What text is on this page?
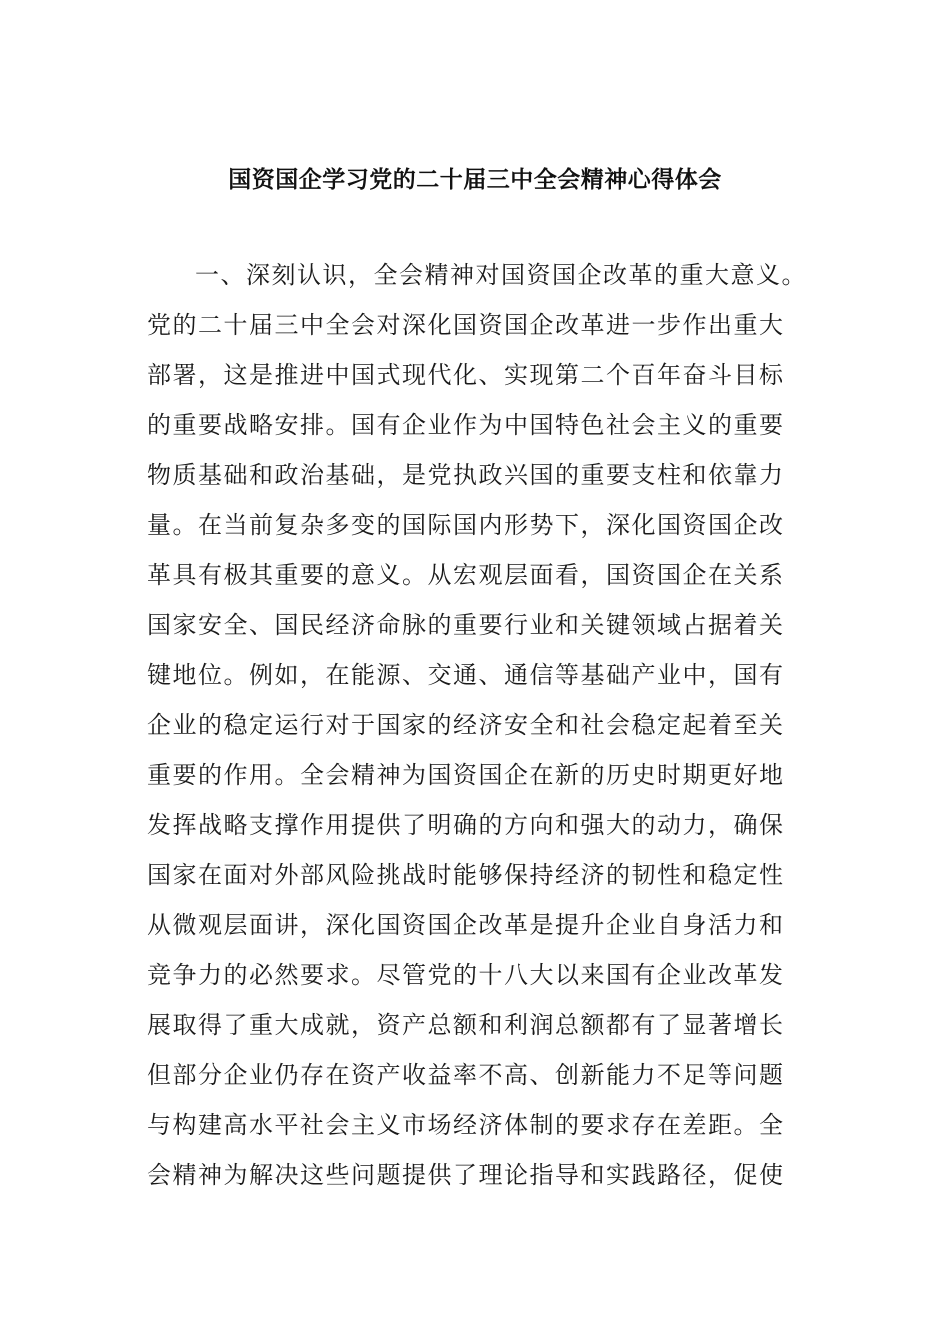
国资国企学习党的二十届三中全会精神心得体会
一、深刻认识，全会精神对国资国企改革的重大意义。
党的二十届三中全会对深化国资国企改革进一步作出重大
部署，这是推进中国式现代化、实现第二个百年奋斗目标
的重要战略安排。国有企业作为中国特色社会主义的重要
物质基础和政治基础，是党执政兴国的重要支柱和依靠力
量。在当前复杂多变的国际国内形势下，深化国资国企改
革具有极其重要的意义。从宏观层面看，国资国企在关系
国家安全、国民经济命脉的重要行业和关键领域占据着关
键地位。例如，在能源、交通、通信等基础产业中，国有
企业的稳定运行对于国家的经济安全和社会稳定起着至关
重要的作用。全会精神为国资国企在新的历史时期更好地
发挥战略支撑作用提供了明确的方向和强大的动力，确保
国家在面对外部风险挑战时能够保持经济的韧性和稳定性
从微观层面讲，深化国资国企改革是提升企业自身活力和
竞争力的必然要求。尽管党的十八大以来国有企业改革发
展取得了重大成就，资产总额和利润总额都有了显著增长
但部分企业仍存在资产收益率不高、创新能力不足等问题
与构建高水平社会主义市场经济体制的要求存在差距。全
会精神为解决这些问题提供了理论指导和实践路径，促使
